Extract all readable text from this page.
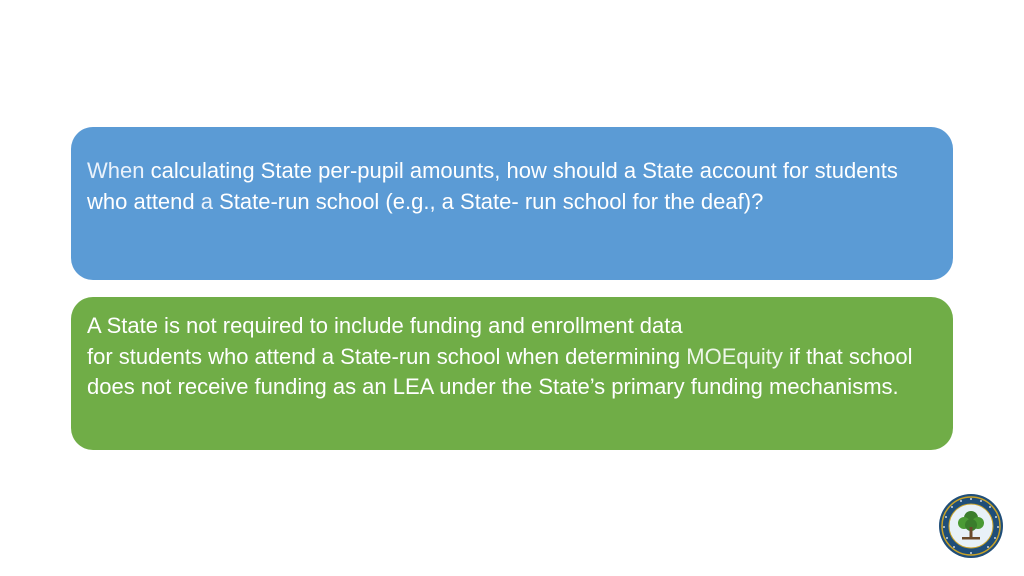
When calculating State per-pupil amounts, how should a State account for students who attend a State-run school (e.g., a State- run school for the deaf)?

A State is not required to include funding and enrollment data
for students who attend a State-run school when determining MOEquity if that school does not receive funding as an LEA under the State’s primary funding mechanisms.
